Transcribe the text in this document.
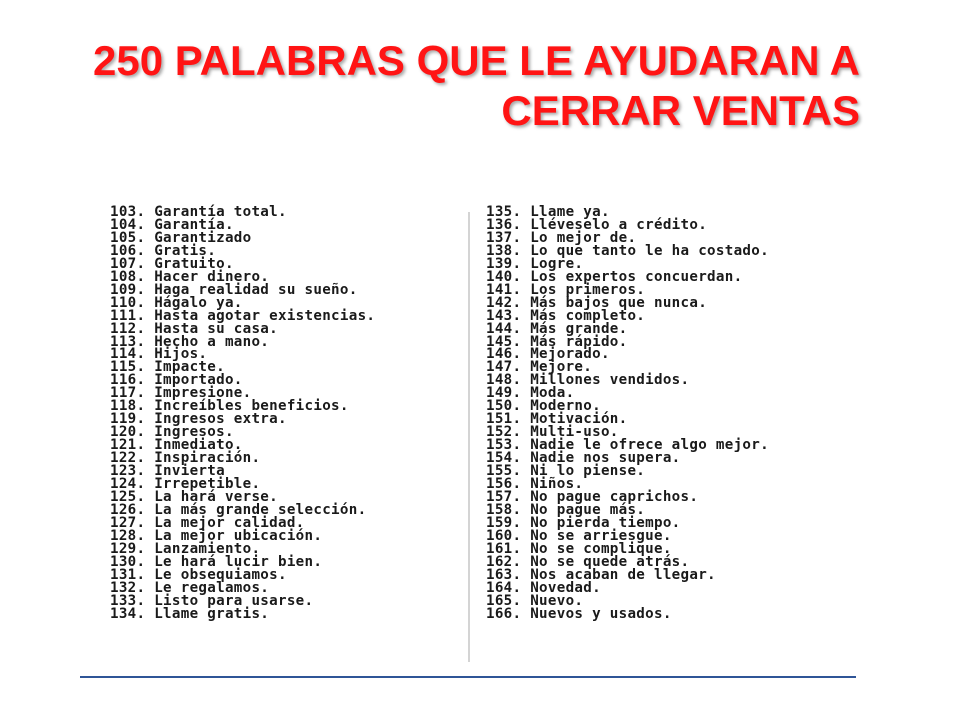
250 PALABRAS QUE LE AYUDARAN A
CERRAR VENTAS
103. Garantía total.
104. Garantía.
105. Garantizado
106. Gratis.
107. Gratuito.
108. Hacer dinero.
109. Haga realidad su sueño.
110. Hágalo ya.
111. Hasta agotar existencias.
112. Hasta su casa.
113. Hecho a mano.
114. Hijos.
115. Impacte.
116. Importado.
117. Impresione.
118. Increíbles beneficios.
119. Ingresos extra.
120. Ingresos.
121. Inmediato.
122. Inspiración.
123. Invierta
124. Irrepetible.
125. La hará verse.
126. La más grande selección.
127. La mejor calidad.
128. La mejor ubicación.
129. Lanzamiento.
130. Le hará lucir bien.
131. Le obsequiamos.
132. Le regalamos.
133. Listo para usarse.
134. Llame gratis.
135. Llame ya.
136. Lléveselo a crédito.
137. Lo mejor de.
138. Lo que tanto le ha costado.
139. Logre.
140. Los expertos concuerdan.
141. Los primeros.
142. Más bajos que nunca.
143. Más completo.
144. Más grande.
145. Más rápido.
146. Mejorado.
147. Mejore.
148. Millones vendidos.
149. Moda.
150. Moderno.
151. Motivación.
152. Multi-uso.
153. Nadie le ofrece algo mejor.
154. Nadie nos supera.
155. Ni lo piense.
156. Niños.
157. No pague caprichos.
158. No pague más.
159. No pierda tiempo.
160. No se arriesgue.
161. No se complique.
162. No se quede atrás.
163. Nos acaban de llegar.
164. Novedad.
165. Nuevo.
166. Nuevos y usados.
